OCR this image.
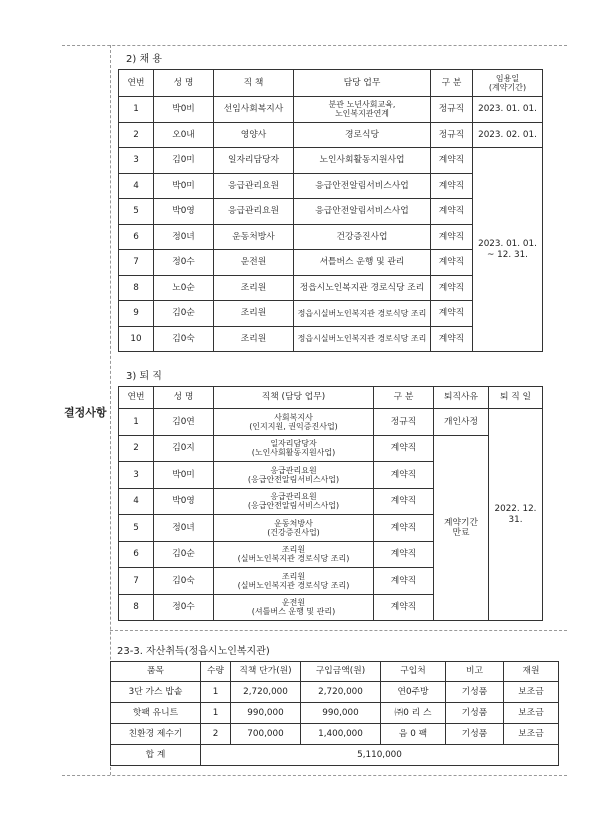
결정사항
2) 채 용
연번	성 명	직 책	담당 업무	구 분	임용일
(계약기간)
1	박0비	선임사회복지사	분관 노년사회교육,
노인복지관연계	정규직	2023. 01. 01.
2	오0내	영양사	경로식당	정규직	2023. 02. 01.
3	김0미	일자리담당자	노인사회활동지원사업	계약직	2023. 01. 01.
~ 12. 31.
4	박0미	응급관리요원	응급안전알림서비스사업	계약직	
5	박0영	응급관리요원	응급안전알림서비스사업	계약직	
6	정0녀	운동처방사	건강증진사업	계약직	
7	정0수	운전원	셔틀버스 운행 및 관리	계약직	
8	노0순	조리원	정읍시노인복지관 경로식당 조리	계약직	
9	김0순	조리원	정읍시실버노인복지관 경로식당 조리	계약직	
10	김0숙	조리원	정읍시실버노인복지관 경로식당 조리	계약직	
3) 퇴 직
연번	성 명	직책 (담당 업무)	구 분	퇴직사유	퇴 직 일
1	김0연	사회복지사
(인지지원, 권익증진사업)	정규직	개인사정	2022. 12. 31.
2	김0지	일자리담당자
(노인사회활동지원사업)	계약직	계약기간
만료	
3	박0미	응급관리요원
(응급안전알림서비스사업)	계약직		
4	박0영	응급관리요원
(응급안전알림서비스사업)	계약직		
5	정0녀	운동처방사
(건강증진사업)	계약직		
6	김0순	조리원
(실버노인복지관 경로식당 조리)	계약직		
7	김0숙	조리원
(실버노인복지관 경로식당 조리)	계약직		
8	정0수	운전원
(셔틀버스 운행 및 관리)	계약직		
23-3. 자산취득(정읍시노인복지관)
품목	수량	직책 단가(원)	구입금액(원)	구입처	비고	재원
3단 가스 밥솥	1	2,720,000	2,720,000	연0주방	기성품	보조금
핫팩 유니트	1	990,000	990,000	㈜0 리 스	기성품	보조금
친환경 제수기	2	700,000	1,400,000	음 0 팩	기성품	보조금
합 계	5,110,000					
